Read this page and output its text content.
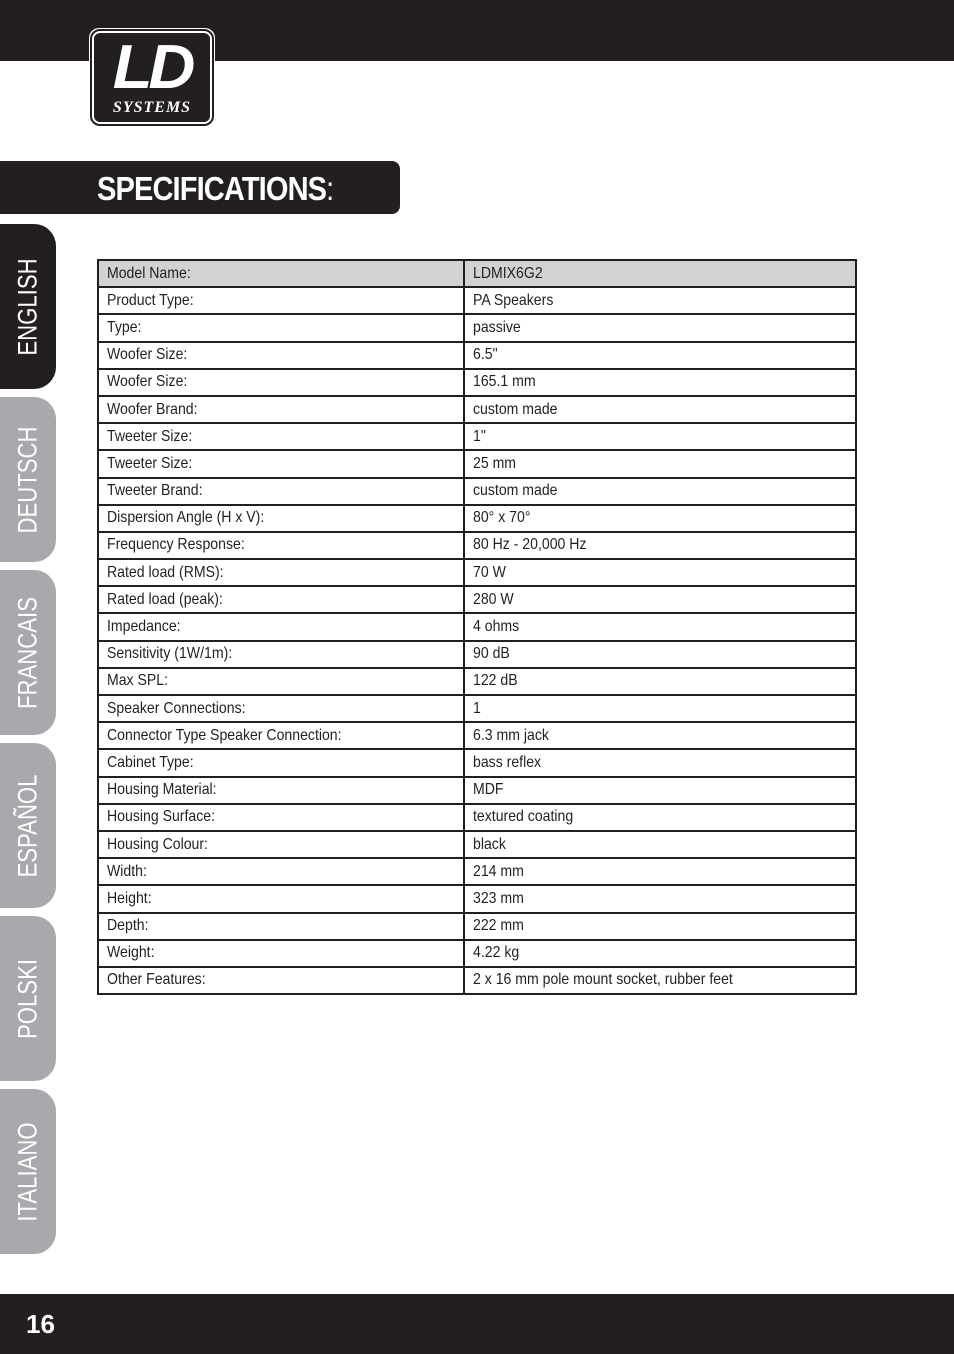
LD
SYSTEMS
SPECIFICATIONS:
ENGLISH
DEUTSCH
FRANCAIS
ESPAÑOL
POLSKI
ITALIANO
Model Name:	LDMIX6G2
Product Type:	PA Speakers
Type:	passive
Woofer Size:	6.5"
Woofer Size:	165.1 mm
Woofer Brand:	custom made
Tweeter Size:	1"
Tweeter Size:	25 mm
Tweeter Brand:	custom made
Dispersion Angle (H x V):	80° x 70°
Frequency Response:	80 Hz - 20,000 Hz
Rated load (RMS):	70 W
Rated load (peak):	280 W
Impedance:	4 ohms
Sensitivity (1W/1m):	90 dB
Max SPL:	122 dB
Speaker Connections:	1
Connector Type Speaker Connection:	6.3 mm jack
Cabinet Type:	bass reflex
Housing Material:	MDF
Housing Surface:	textured coating
Housing Colour:	black
Width:	214 mm
Height:	323 mm
Depth:	222 mm
Weight:	4.22 kg
Other Features:	2 x 16 mm pole mount socket, rubber feet
16
